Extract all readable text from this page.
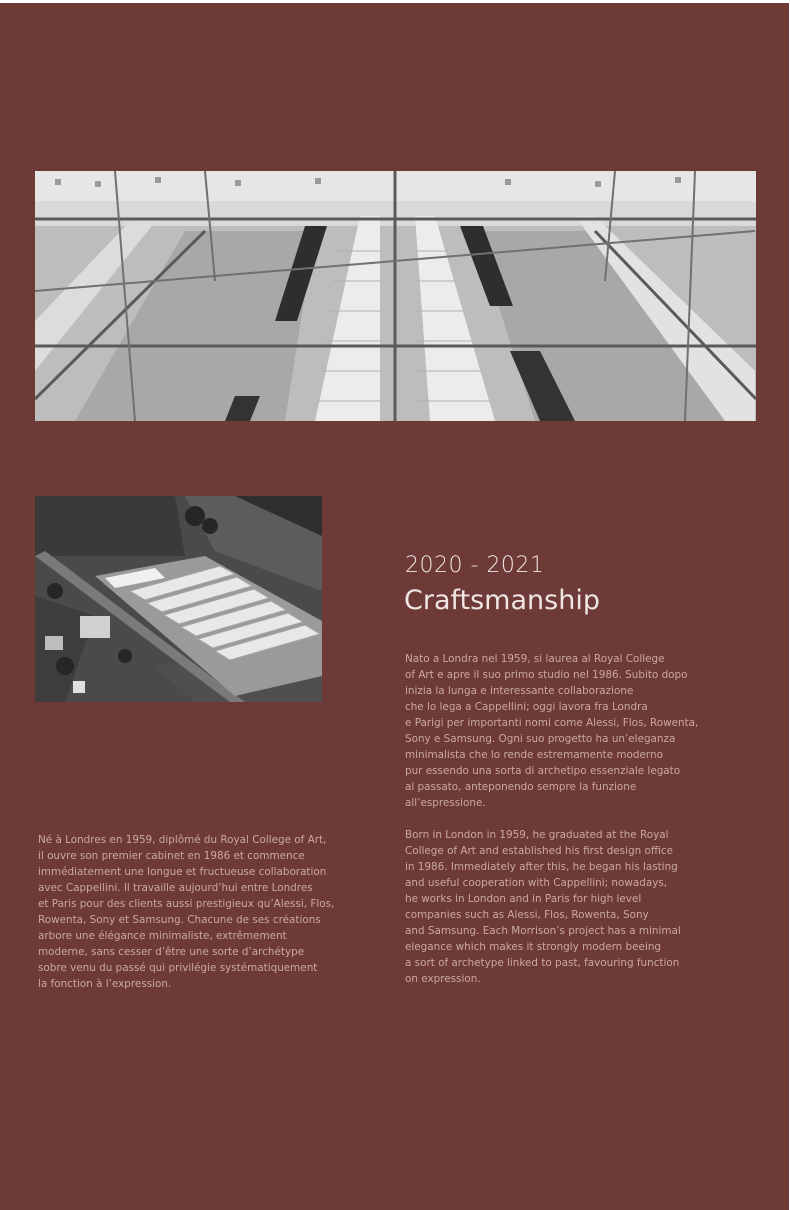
2020 - 2021
Craftsmanship

Nato a Londra nel 1959, si laurea al Royal College
of Art e apre il suo primo studio nel 1986. Subito dopo
inizia la lunga e interessante collaborazione
che lo lega a Cappellini; oggi lavora fra Londra
e Parigi per importanti nomi come Alessi, Flos, Rowenta,
Sony e Samsung. Ogni suo progetto ha un’eleganza
minimalista che lo rende estremamente moderno
pur essendo una sorta di archetipo essenziale legato
al passato, anteponendo sempre la funzione
all’espressione.

Born in London in 1959, he graduated at the Royal
College of Art and established his first design office
in 1986. Immediately after this, he began his lasting
and useful cooperation with Cappellini; nowadays,
he works in London and in Paris for high level
companies such as Alessi, Flos, Rowenta, Sony
and Samsung. Each Morrison’s project has a minimal
elegance which makes it strongly modern beeing
a sort of archetype linked to past, favouring function
on expression.

Né à Londres en 1959, diplômé du Royal College of Art,
il ouvre son premier cabinet en 1986 et commence
immédiatement une longue et fructueuse collaboration
avec Cappellini. Il travaille aujourd’hui entre Londres
et Paris pour des clients aussi prestigieux qu’Alessi, Flos,
Rowenta, Sony et Samsung. Chacune de ses créations
arbore une élégance minimaliste, extrêmement
moderne, sans cesser d’être une sorte d’archétype
sobre venu du passé qui privilégie systématiquement
la fonction à l’expression.
